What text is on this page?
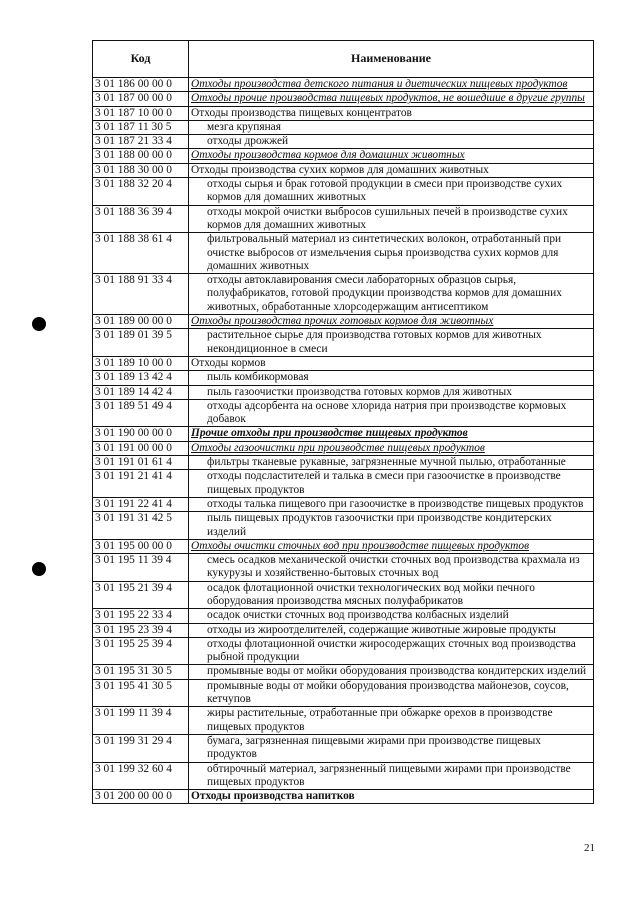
Код	Наименование
3 01 186 00 00 0	Отходы производства детского питания и диетических пищевых продуктов
3 01 187 00 00 0	Отходы прочие производства пищевых продуктов, не вошедшие в другие группы
3 01 187 10 00 0	Отходы производства пищевых концентратов
3 01 187 11 30 5	мезга крупяная
3 01 187 21 33 4	отходы дрожжей
3 01 188 00 00 0	Отходы производства кормов для домашних животных
3 01 188 30 00 0	Отходы производства сухих кормов для домашних животных
3 01 188 32 20 4	отходы сырья и брак готовой продукции в смеси при производстве сухих кормов для домашних животных
3 01 188 36 39 4	отходы мокрой очистки выбросов сушильных печей в производстве сухих кормов для домашних животных
3 01 188 38 61 4	фильтровальный материал из синтетических волокон, отработанный при очистке выбросов от измельчения сырья производства сухих кормов для домашних животных
3 01 188 91 33 4	отходы автоклавирования смеси лабораторных образцов сырья, полуфабрикатов, готовой продукции производства кормов для домашних животных, обработанные хлорсодержащим антисептиком
3 01 189 00 00 0	Отходы производства прочих готовых кормов для животных
3 01 189 01 39 5	растительное сырье для производства готовых кормов для животных некондиционное в смеси
3 01 189 10 00 0	Отходы кормов
3 01 189 13 42 4	пыль комбикормовая
3 01 189 14 42 4	пыль газоочистки производства готовых кормов для животных
3 01 189 51 49 4	отходы адсорбента на основе хлорида натрия при производстве кормовых добавок
3 01 190 00 00 0	Прочие отходы при производстве пищевых продуктов
3 01 191 00 00 0	Отходы газоочистки при производстве пищевых продуктов
3 01 191 01 61 4	фильтры тканевые рукавные, загрязненные мучной пылью, отработанные
3 01 191 21 41 4	отходы подсластителей и талька в смеси при газоочистке в производстве пищевых продуктов
3 01 191 22 41 4	отходы талька пищевого при газоочистке в производстве пищевых продуктов
3 01 191 31 42 5	пыль пищевых продуктов газоочистки при производстве кондитерских изделий
3 01 195 00 00 0	Отходы очистки сточных вод при производстве пищевых продуктов
3 01 195 11 39 4	смесь осадков механической очистки сточных вод производства крахмала из кукурузы и хозяйственно-бытовых сточных вод
3 01 195 21 39 4	осадок флотационной очистки технологических вод мойки печного оборудования производства мясных полуфабрикатов
3 01 195 22 33 4	осадок очистки сточных вод производства колбасных изделий
3 01 195 23 39 4	отходы из жироотделителей, содержащие животные жировые продукты
3 01 195 25 39 4	отходы флотационной очистки жиросодержащих сточных вод производства рыбной продукции
3 01 195 31 30 5	промывные воды от мойки оборудования производства кондитерских изделий
3 01 195 41 30 5	промывные воды от мойки оборудования производства майонезов, соусов, кетчупов
3 01 199 11 39 4	жиры растительные, отработанные при обжарке орехов в производстве пищевых продуктов
3 01 199 31 29 4	бумага, загрязненная пищевыми жирами при производстве пищевых продуктов
3 01 199 32 60 4	обтирочный материал, загрязненный пищевыми жирами при производстве пищевых продуктов
3 01 200 00 00 0	Отходы производства напитков
21
